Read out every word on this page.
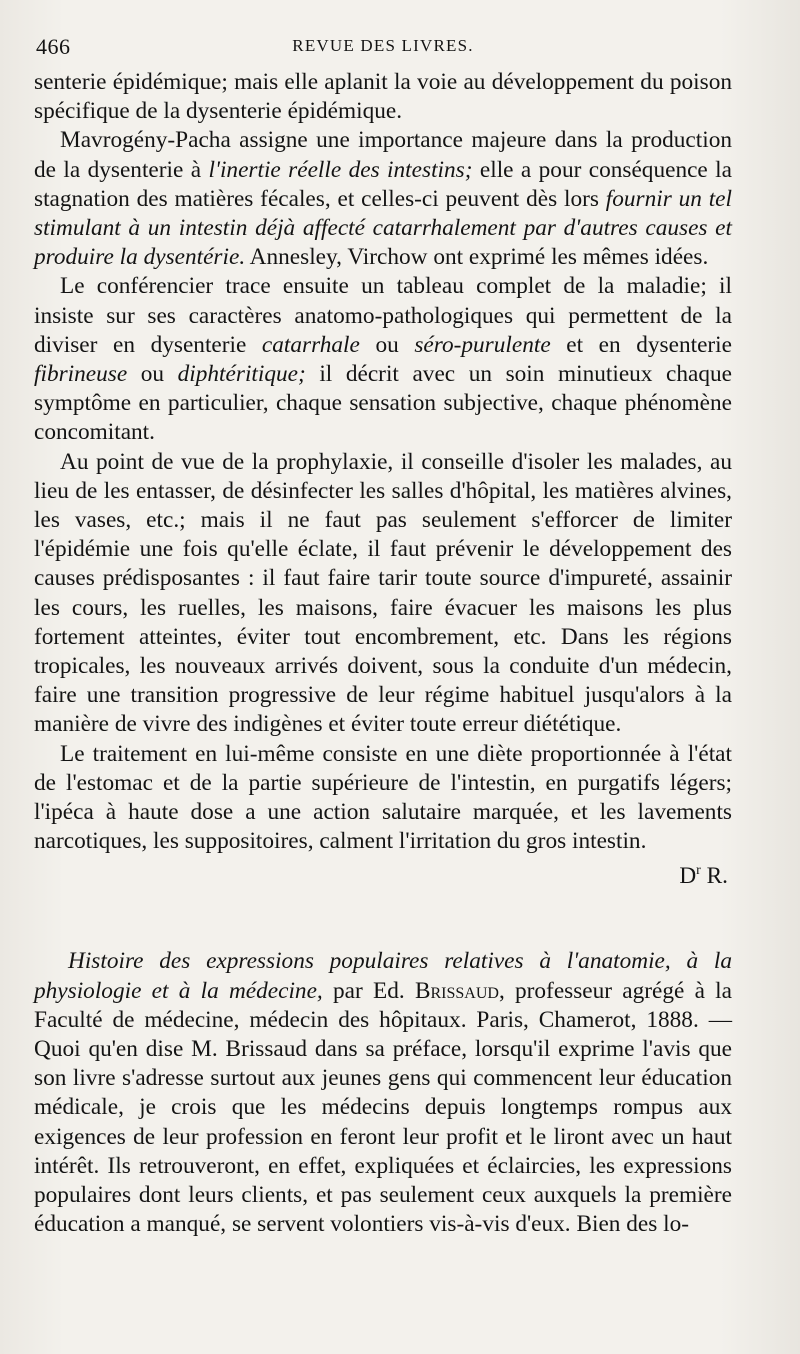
466	REVUE DES LIVRES.

senterie épidémique; mais elle aplanit la voie au développement du poison spécifique de la dysenterie épidémique.

Mavrogény-Pacha assigne une importance majeure dans la production de la dysenterie à l'inertie réelle des intestins; elle a pour conséquence la stagnation des matières fécales, et celles-ci peuvent dès lors fournir un tel stimulant à un intestin déjà affecté catarrhalement par d'autres causes et produire la dysentérie. Annesley, Virchow ont exprimé les mêmes idées.

Le conférencier trace ensuite un tableau complet de la maladie; il insiste sur ses caractères anatomo-pathologiques qui permettent de la diviser en dysenterie catarrhale ou séro-purulente et en dysenterie fibrineuse ou diphtéritique; il décrit avec un soin minutieux chaque symptôme en particulier, chaque sensation subjective, chaque phénomène concomitant.

Au point de vue de la prophylaxie, il conseille d'isoler les malades, au lieu de les entasser, de désinfecter les salles d'hôpital, les matières alvines, les vases, etc.; mais il ne faut pas seulement s'efforcer de limiter l'épidémie une fois qu'elle éclate, il faut prévenir le développement des causes prédisposantes : il faut faire tarir toute source d'impureté, assainir les cours, les ruelles, les maisons, faire évacuer les maisons les plus fortement atteintes, éviter tout encombrement, etc. Dans les régions tropicales, les nouveaux arrivés doivent, sous la conduite d'un médecin, faire une transition progressive de leur régime habituel jusqu'alors à la manière de vivre des indigènes et éviter toute erreur diététique.

Le traitement en lui-même consiste en une diète proportionnée à l'état de l'estomac et de la partie supérieure de l'intestin, en purgatifs légers; l'ipéca à haute dose a une action salutaire marquée, et les lavements narcotiques, les suppositoires, calment l'irritation du gros intestin.

$D^r$ R.

Histoire des expressions populaires relatives à l'anatomie, à la physiologie et à la médecine, par Ed. Brissaud, professeur agrégé à la Faculté de médecine, médecin des hôpitaux. Paris, Chamerot, 1888. — Quoi qu'en dise M. Brissaud dans sa préface, lorsqu'il exprime l'avis que son livre s'adresse surtout aux jeunes gens qui commencent leur éducation médicale, je crois que les médecins depuis longtemps rompus aux exigences de leur profession en feront leur profit et le liront avec un haut intérêt. Ils retrouveront, en effet, expliquées et éclaircies, les expressions populaires dont leurs clients, et pas seulement ceux auxquels la première éducation a manqué, se servent volontiers vis-à-vis d'eux. Bien des lo-
